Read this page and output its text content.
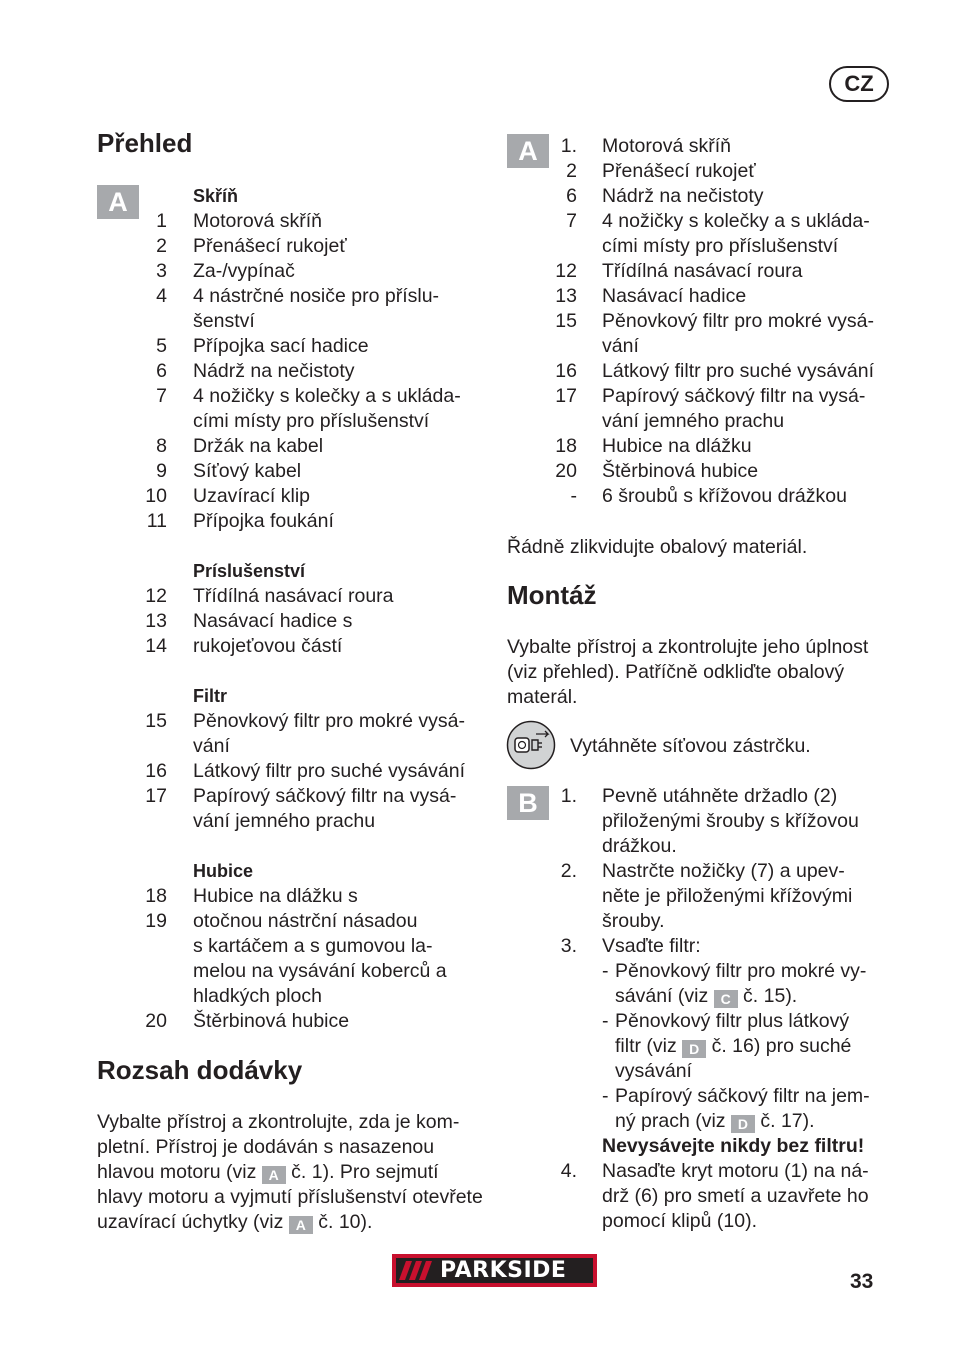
CZ
Přehled
A	Skříň
1 Motorová skříň
2 Přenášecí rukojeť
3 Za-/vypínač
4 4 nástrčné nosiče pro příslu-
šenství
5 Přípojka sací hadice
6 Nádrž na nečistoty
7 4 nožičky s kolečky a s ukláda-
cími místy pro příslušenství
8 Držák na kabel
9 Síťový kabel
10 Uzavírací klip
11 Přípojka foukání
Príslušenství
12 Třídílná nasávací roura
13 Nasávací hadice s
14 rukojeťovou částí
Filtr
15 Pěnovkový filtr pro mokré vysá-
vání
16 Látkový filtr pro suché vysávání
17 Papírový sáčkový filtr na vysá-
vání jemného prachu
Hubice
18 Hubice na dlážku s
19 otočnou nástrční násadou
s kartáčem a s gumovou la-
melou na vysávání koberců a
hladkých ploch
20 Štěrbinová hubice
Rozsah dodávky
Vybalte přístroj a zkontrolujte, zda je kom-
pletní. Přístroj je dodáván s nasazenou
hlavou motoru (viz A č. 1). Pro sejmutí
hlavy motoru a vyjmutí příslušenství otevřete
uzavírací úchytky (viz A č. 10).
A	1. Motorová skříň
2 Přenášecí rukojeť
6 Nádrž na nečistoty
7 4 nožičky s kolečky a s ukláda-
cími místy pro příslušenství
12 Třídílná nasávací roura
13 Nasávací hadice
15 Pěnovkový filtr pro mokré vysá-
vání
16 Látkový filtr pro suché vysávání
17 Papírový sáčkový filtr na vysá-
vání jemného prachu
18 Hubice na dlážku
20 Štěrbinová hubice
- 6 šroubů s křížovou drážkou
Řádně zlikvidujte obalový materiál.
Montáž
Vybalte přístroj a zkontrolujte jeho úplnost
(viz přehled). Patříčně odkliďte obalový
materál.
Vytáhněte síťovou zástrčku.
B	1. Pevně utáhněte držadlo (2)
přiloženými šrouby s křížovou
drážkou.
2. Nastrčte nožičky (7) a upev-
něte je přiloženými křížovými
šrouby.
3. Vsaďte filtr:
- Pěnovkový filtr pro mokré vy-
sávání (viz C č. 15).
- Pěnovkový filtr plus látkový
filtr (viz D č. 16) pro suché
vysávání
- Papírový sáčkový filtr na jem-
ný prach (viz D č. 17).
Nevysávejte nikdy bez filtru!
4. Nasaďte kryt motoru (1) na ná-
drž (6) pro smetí a uzavřete ho
pomocí klipů (10).
PARKSIDE	33
